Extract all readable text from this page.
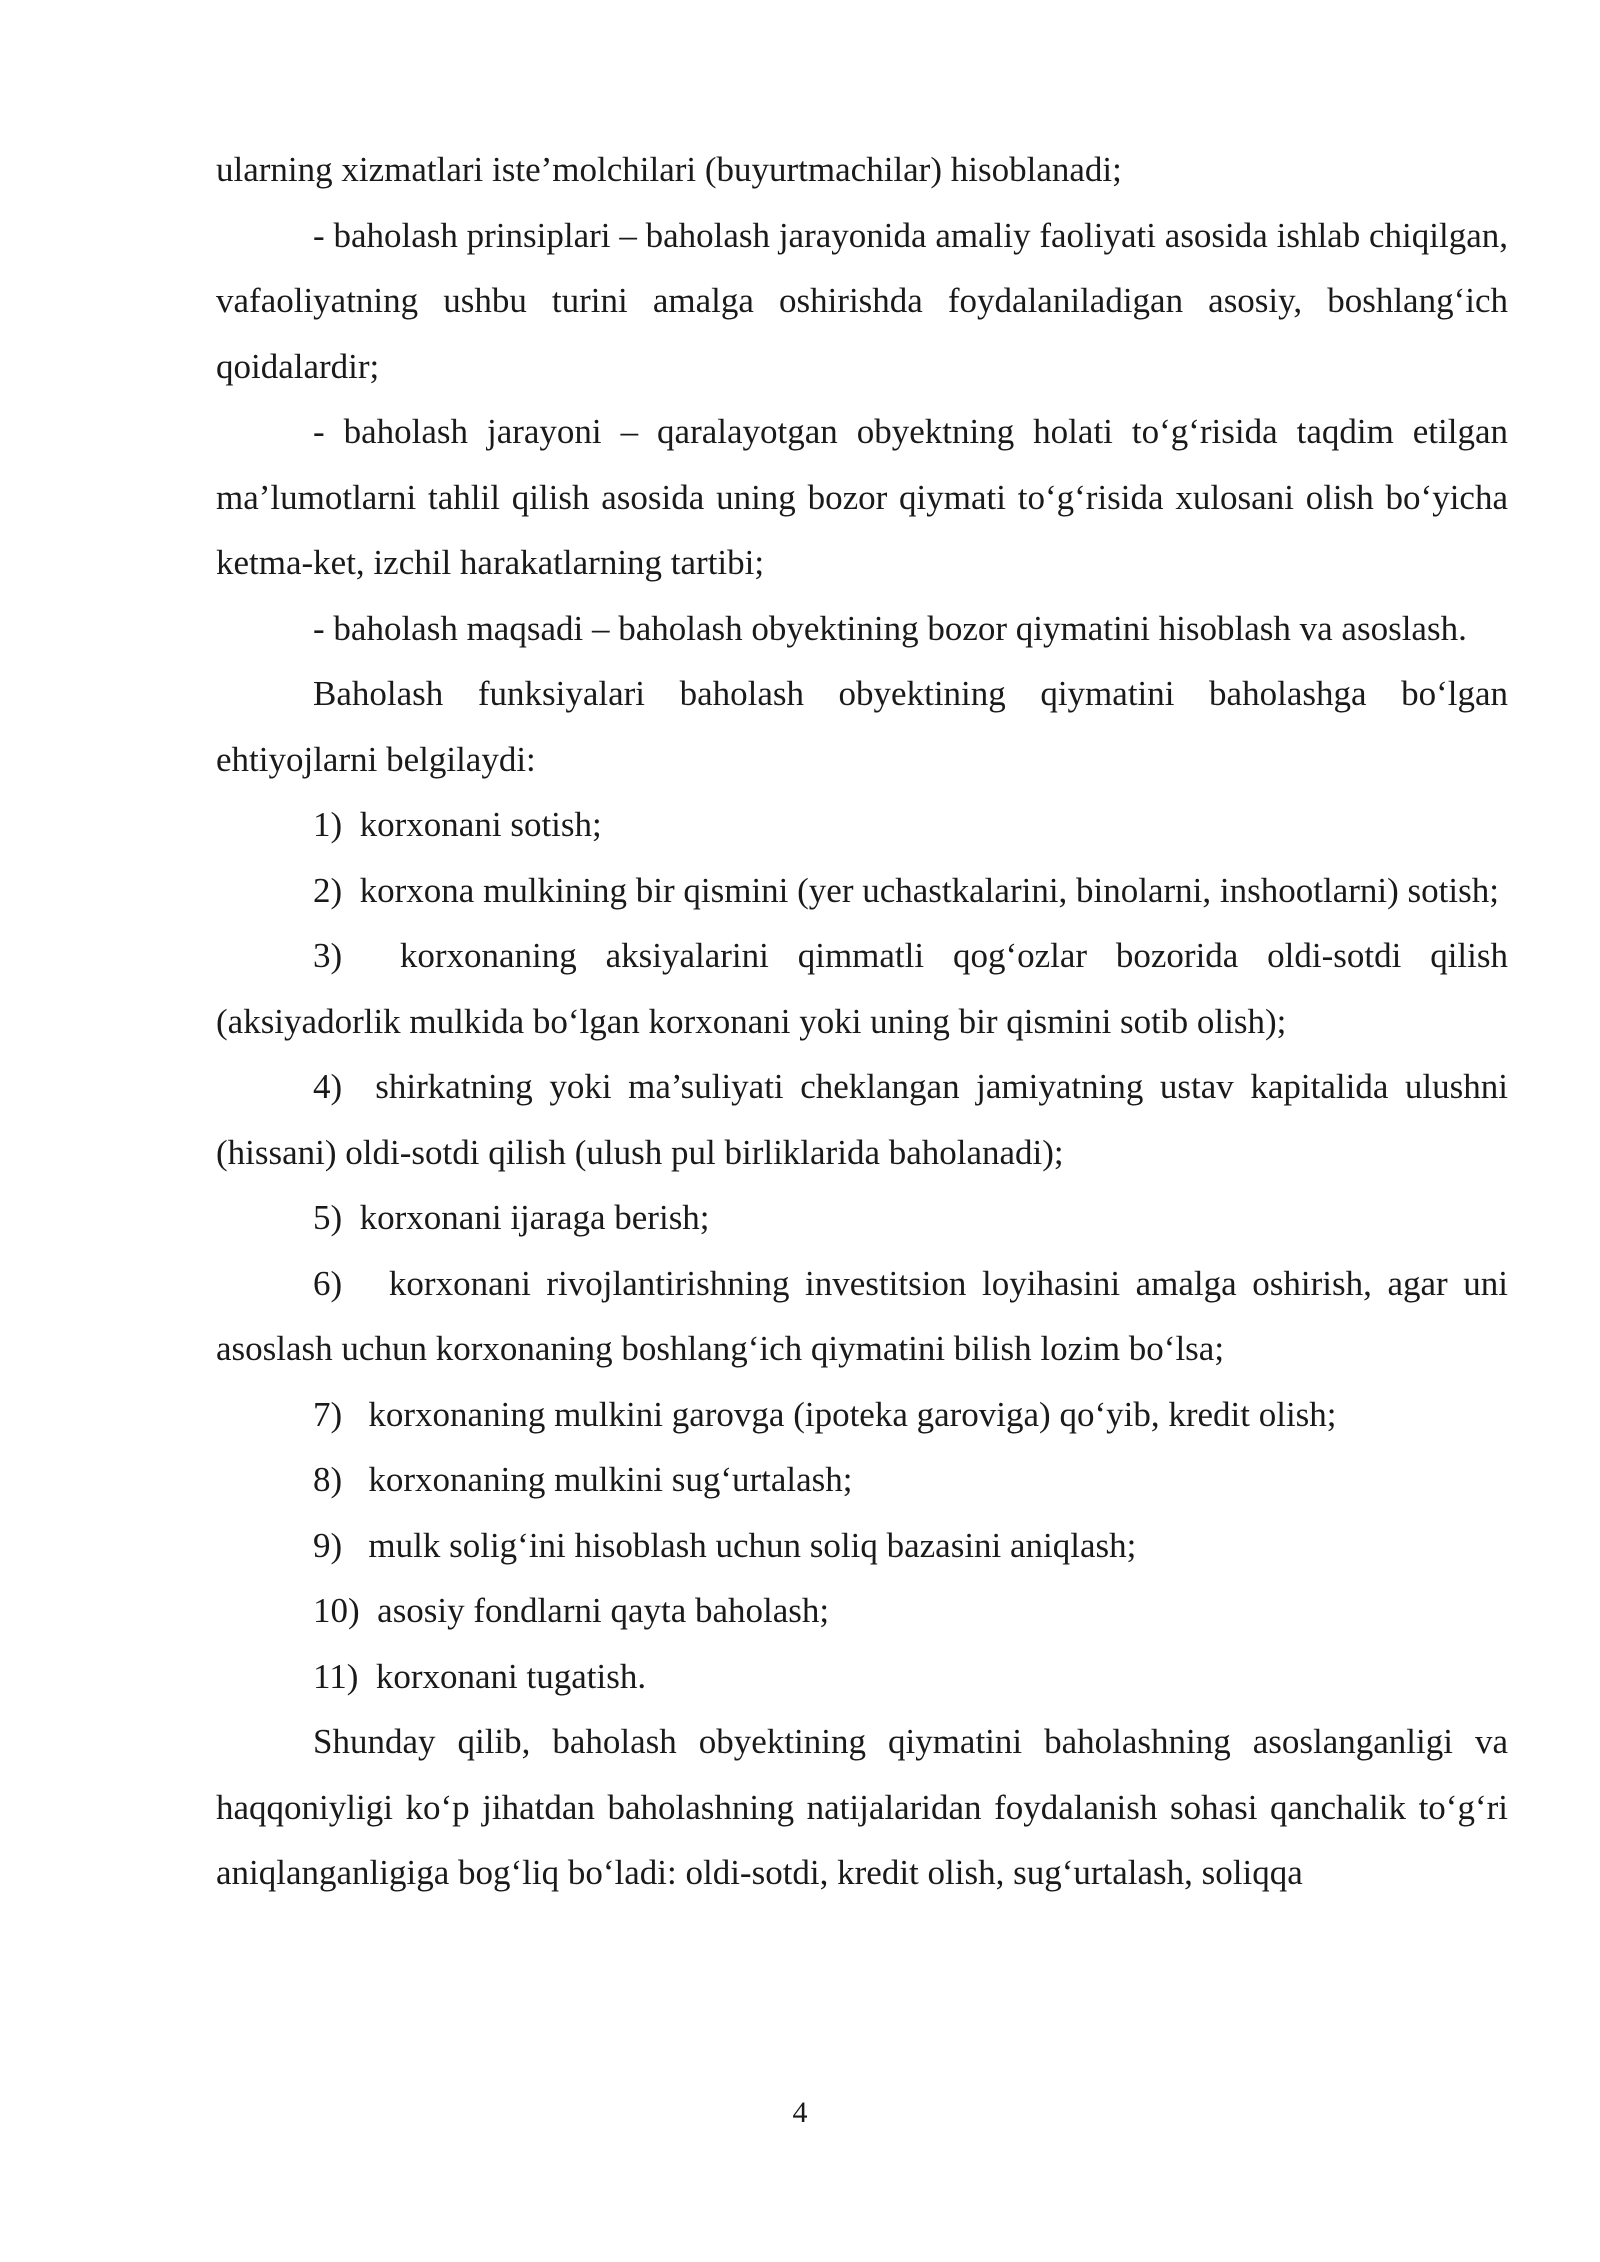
ularning xizmatlari iste’molchilari (buyurtmachilar) hisoblanadi;

- baholash prinsiplari – baholash jarayonida amaliy faoliyati asosida ishlab chiqilgan, vafaoliyatning ushbu turini amalga oshirishda foydalaniladigan asosiy, boshlang‘ich qoidalardir;

- baholash jarayoni – qaralayotgan obyektning holati to‘g‘risida taqdim etilgan ma’lumotlarni tahlil qilish asosida uning bozor qiymati to‘g‘risida xulosani olish bo‘yicha ketma-ket, izchil harakatlarning tartibi;

- baholash maqsadi – baholash obyektining bozor qiymatini hisoblash va asoslash.

Baholash funksiyalari baholash obyektining qiymatini baholashga bo‘lgan ehtiyojlarni belgilaydi:

1)  korxonani sotish;

2)  korxona mulkining bir qismini (yer uchastkalarini, binolarni, inshootlarni) sotish;

3)  korxonaning aksiyalarini qimmatli qog‘ozlar bozorida oldi-sotdi qilish (aksiyadorlik mulkida bo‘lgan korxonani yoki uning bir qismini sotib olish);

4)  shirkatning yoki ma’suliyati cheklangan jamiyatning ustav kapitalida ulushni (hissani) oldi-sotdi qilish (ulush pul birliklarida baholanadi);

5)  korxonani ijaraga berish;

6)   korxonani rivojlantirishning investitsion loyihasini amalga oshirish, agar uni asoslash uchun korxonaning boshlang‘ich qiymatini bilish lozim bo‘lsa;

7)   korxonaning mulkini garovga (ipoteka garoviga) qo‘yib, kredit olish;

8)   korxonaning mulkini sug‘urtalash;

9)   mulk solig‘ini hisoblash uchun soliq bazasini aniqlash;

10)  asosiy fondlarni qayta baholash;

11)  korxonani tugatish.

Shunday qilib, baholash obyektining qiymatini baholashning asoslanganligi va haqqoniyligi ko‘p jihatdan baholashning natijalaridan foydalanish sohasi qanchalik to‘g‘ri aniqlanganligiga bog‘liq bo‘ladi: oldi-sotdi, kredit olish, sug‘urtalash, soliqqa

4
